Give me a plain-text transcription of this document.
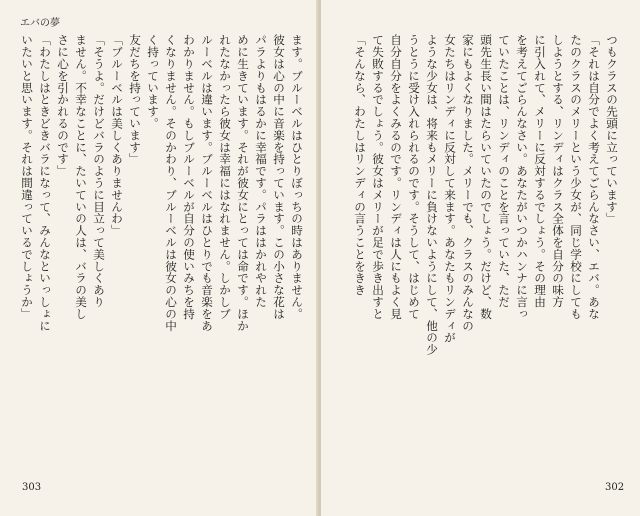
エバの夢
ます。ブルーベルはひとりぼっちの時はありません。
彼女は心の中に音楽を持っています。この小さな花は
パラよりもはるかに幸福です。パラははかれやれた
めに生きています。それが彼女にとっては命です。ほか
れたなかったら彼女は幸福にはなれません。しかしブ
ルーベルは違います。ブルーベルはひとりでも音楽をあ
わかりません。もしブルーベルが自分の使いみちを持
くなりません。そのかわり、ブルーベルは彼女の心の中
く持っています。
友だちを持っています」
「ブルーベルは美しくありませんわ」
「そうよ。だけどバラのように目立って美しくあり
ません。不幸なことに、たいていの人は、バラの美し
さに心を引かれるのです」
「わたしはときどきバラになって、みんなといっしょに
いたいと思います。それは間違っているでしょうか」
303
つもクラスの先頭に立っています」
「それは自分でよく考えてごらんなさい、エバ。あな
たのクラスのメリーという少女が、同じ学校にしても
しようとする、リンディはクラス全体を自分の味方
に引入れて、メリーに反対するでしょう。その理由
を考えてごらんなさい。あなたがいつかハンナに言っ
ていたことは、リンディのことを言っていた、ただ
頭先生長い間はたらいていたのでしょう。だけど、数
家にもよくなりました。メリーでも、クラスのみんなの
女たちはリンディに反対して来ます。あなたもリンディが
ような少女は、将来もメリーに負けないようにして、他の少
うとうに受け入れられるのです。そうして、はじめて
自分自分をよくみるのです。リンディは人にもよく見
て失敗するでしょう。彼女はメリーが足で歩き出すと
「そんなら、わたしはリンディの言うことをきき
302
